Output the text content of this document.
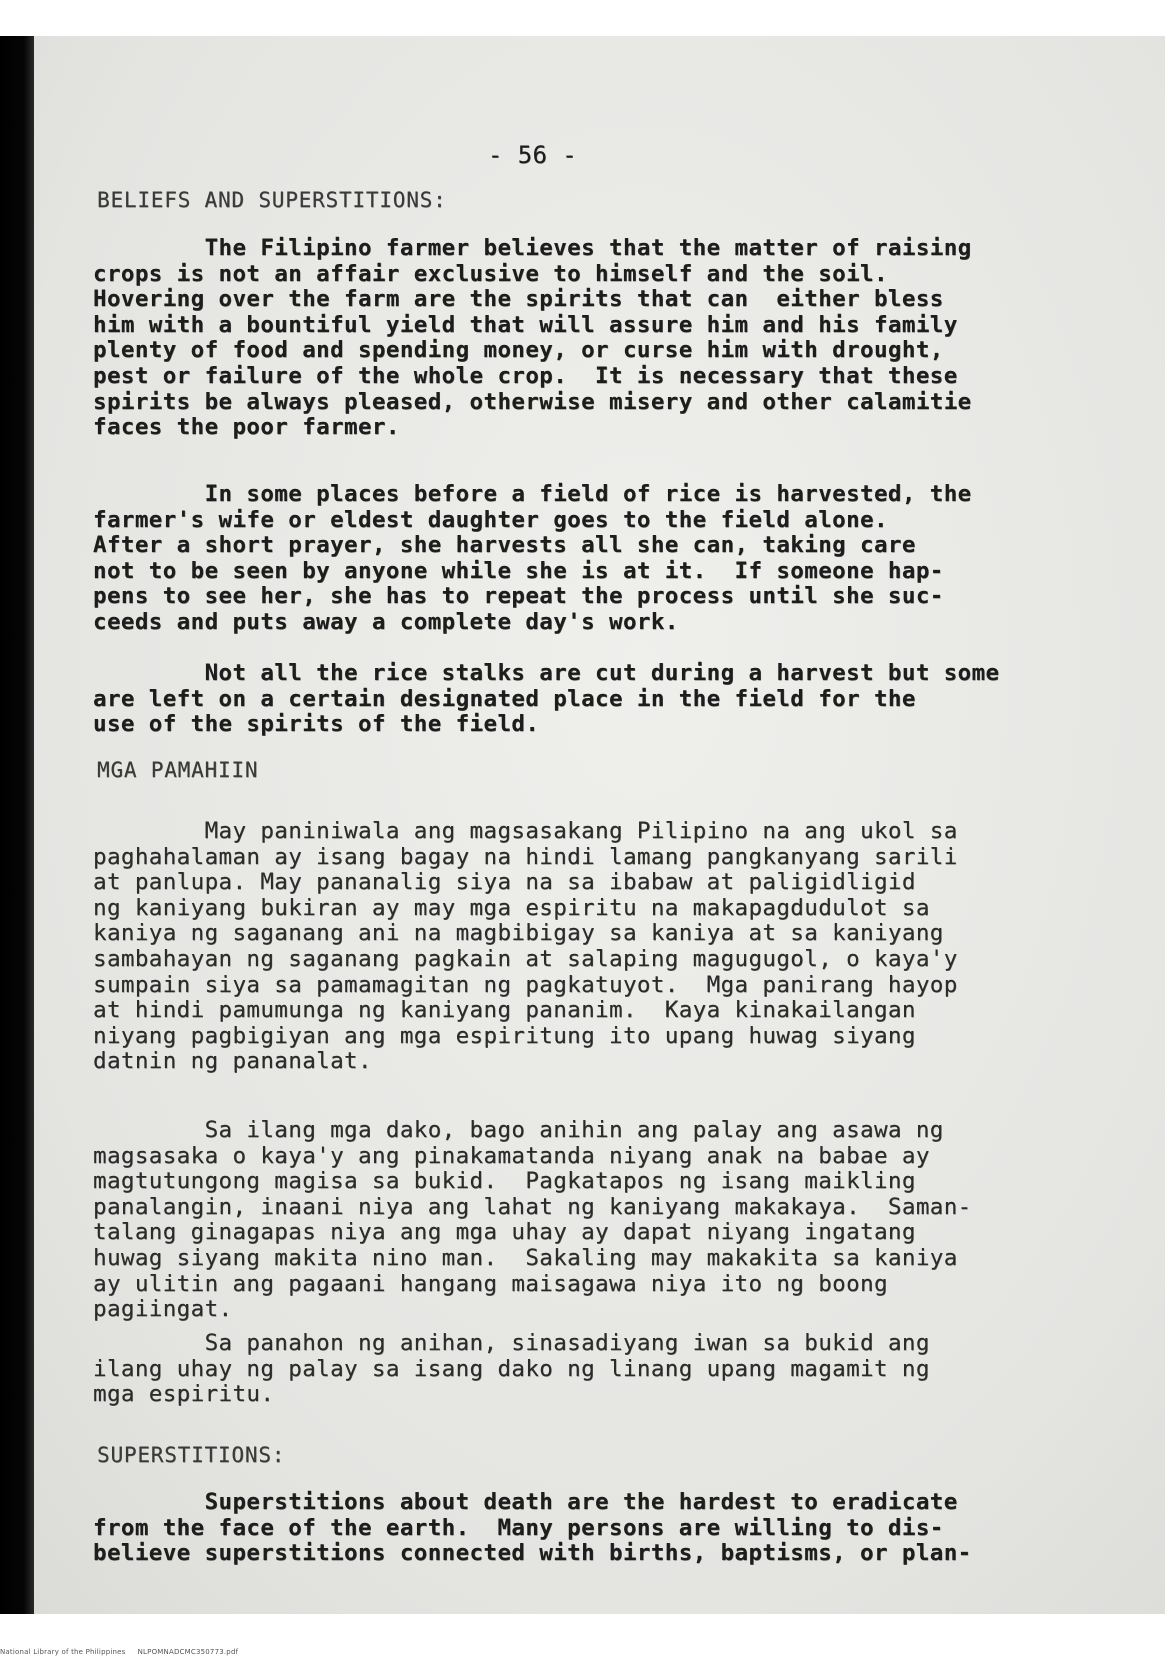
- 56 -
BELIEFS AND SUPERSTITIONS:

The Filipino farmer believes that the matter of raising
crops is not an affair exclusive to himself and the soil.
Hovering over the farm are the spirits that can  either bless
him with a bountiful yield that will assure him and his family
plenty of food and spending money, or curse him with drought,
pest or failure of the whole crop.  It is necessary that these
spirits be always pleased, otherwise misery and other calamitie
faces the poor farmer.

In some places before a field of rice is harvested, the
farmer's wife or eldest daughter goes to the field alone.
After a short prayer, she harvests all she can, taking care
not to be seen by anyone while she is at it.  If someone hap-
pens to see her, she has to repeat the process until she suc-
ceeds and puts away a complete day's work.

Not all the rice stalks are cut during a harvest but some
are left on a certain designated place in the field for the
use of the spirits of the field.

MGA PAMAHIIN

May paniniwala ang magsasakang Pilipino na ang ukol sa
paghahalaman ay isang bagay na hindi lamang pangkanyang sarili
at panlupa. May pananalig siya na sa ibabaw at paligidligid
ng kaniyang bukiran ay may mga espiritu na makapagdudulot sa
kaniya ng saganang ani na magbibigay sa kaniya at sa kaniyang
sambahayan ng saganang pagkain at salaping magugugol, o kaya'y
sumpain siya sa pamamagitan ng pagkatuyot.  Mga panirang hayop
at hindi pamumunga ng kaniyang pananim.  Kaya kinakailangan
niyang pagbigiyan ang mga espiritung ito upang huwag siyang
datnin ng pananalat.

Sa ilang mga dako, bago anihin ang palay ang asawa ng
magsasaka o kaya'y ang pinakamatanda niyang anak na babae ay
magtutungong magisa sa bukid.  Pagkatapos ng isang maikling
panalangin, inaani niya ang lahat ng kaniyang makakaya.  Saman-
talang ginagapas niya ang mga uhay ay dapat niyang ingatang
huwag siyang makita nino man.  Sakaling may makakita sa kaniya
ay ulitin ang pagaani hangang maisagawa niya ito ng boong
pagiingat.

Sa panahon ng anihan, sinasadiyang iwan sa bukid ang
ilang uhay ng palay sa isang dako ng linang upang magamit ng
mga espiritu.

SUPERSTITIONS:

Superstitions about death are the hardest to eradicate
from the face of the earth.  Many persons are willing to dis-
believe superstitions connected with births, baptisms, or plan-

National Library of the Philippines     NLPOMNADCMC350773.pdf
